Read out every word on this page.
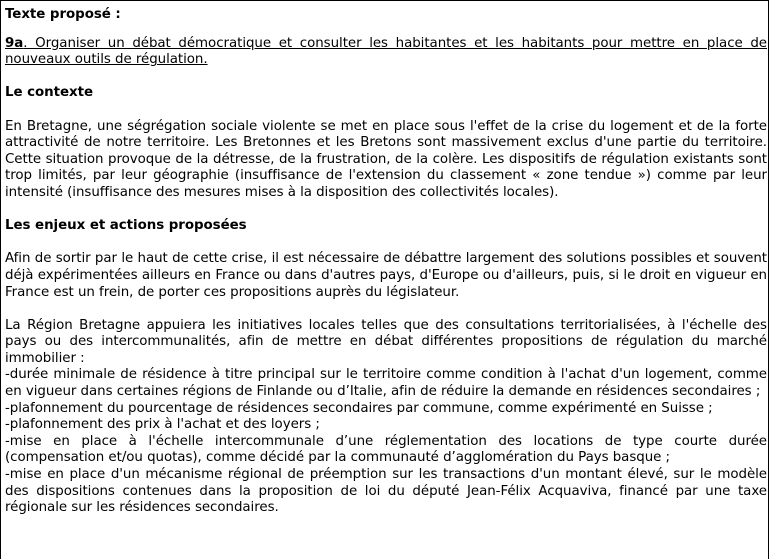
Texte proposé :

9a. Organiser un débat démocratique et consulter les habitantes et les habitants pour mettre en place de nouveaux outils de régulation.

Le contexte

En Bretagne, une ségrégation sociale violente se met en place sous l'effet de la crise du logement et de la forte attractivité de notre territoire. Les Bretonnes et les Bretons sont massivement exclus d'une partie du territoire. Cette situation provoque de la détresse, de la frustration, de la colère. Les dispositifs de régulation existants sont trop limités, par leur géographie (insuffisance de l'extension du classement « zone tendue ») comme par leur intensité (insuffisance des mesures mises à la disposition des collectivités locales).

Les enjeux et actions proposées

Afin de sortir par le haut de cette crise, il est nécessaire de débattre largement des solutions possibles et souvent déjà expérimentées ailleurs en France ou dans d'autres pays, d'Europe ou d'ailleurs, puis, si le droit en vigueur en France est un frein, de porter ces propositions auprès du législateur.

La Région Bretagne appuiera les initiatives locales telles que des consultations territorialisées, à l'échelle des pays ou des intercommunalités, afin de mettre en débat différentes propositions de régulation du marché immobilier :

-durée minimale de résidence à titre principal sur le territoire comme condition à l'achat d'un logement, comme en vigueur dans certaines régions de Finlande ou d’Italie, afin de réduire la demande en résidences secondaires ;

-plafonnement du pourcentage de résidences secondaires par commune, comme expérimenté en Suisse ;

-plafonnement des prix à l'achat et des loyers ;

-mise en place à l'échelle intercommunale d’une réglementation des locations de type courte durée (compensation et/ou quotas), comme décidé par la communauté d’agglomération du Pays basque ;

-mise en place d'un mécanisme régional de préemption sur les transactions d'un montant élevé, sur le modèle des dispositions contenues dans la proposition de loi du député Jean-Félix Acquaviva, financé par une taxe régionale sur les résidences secondaires.
